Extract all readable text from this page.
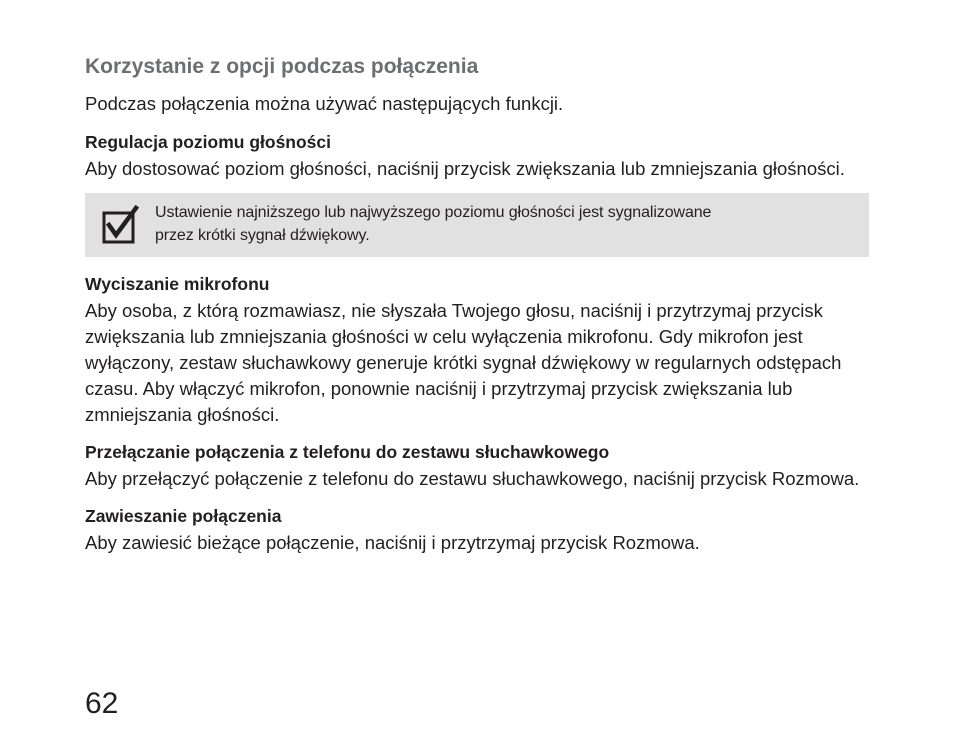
Korzystanie z opcji podczas połączenia

Podczas połączenia można używać następujących funkcji.

Regulacja poziomu głośności

Aby dostosować poziom głośności, naciśnij przycisk zwiększania lub zmniejszania głośności.

Ustawienie najniższego lub najwyższego poziomu głośności jest sygnalizowane
przez krótki sygnał dźwiękowy.
Wyciszanie mikrofonu

Aby osoba, z którą rozmawiasz, nie słyszała Twojego głosu, naciśnij i przytrzymaj przycisk zwiększania lub zmniejszania głośności w celu wyłączenia mikrofonu. Gdy mikrofon jest wyłączony, zestaw słuchawkowy generuje krótki sygnał dźwiękowy w regularnych odstępach czasu. Aby włączyć mikrofon, ponownie naciśnij i przytrzymaj przycisk zwiększania lub zmniejszania głośności.

Przełączanie połączenia z telefonu do zestawu słuchawkowego

Aby przełączyć połączenie z telefonu do zestawu słuchawkowego, naciśnij przycisk Rozmowa.

Zawieszanie połączenia

Aby zawiesić bieżące połączenie, naciśnij i przytrzymaj przycisk Rozmowa.

62
